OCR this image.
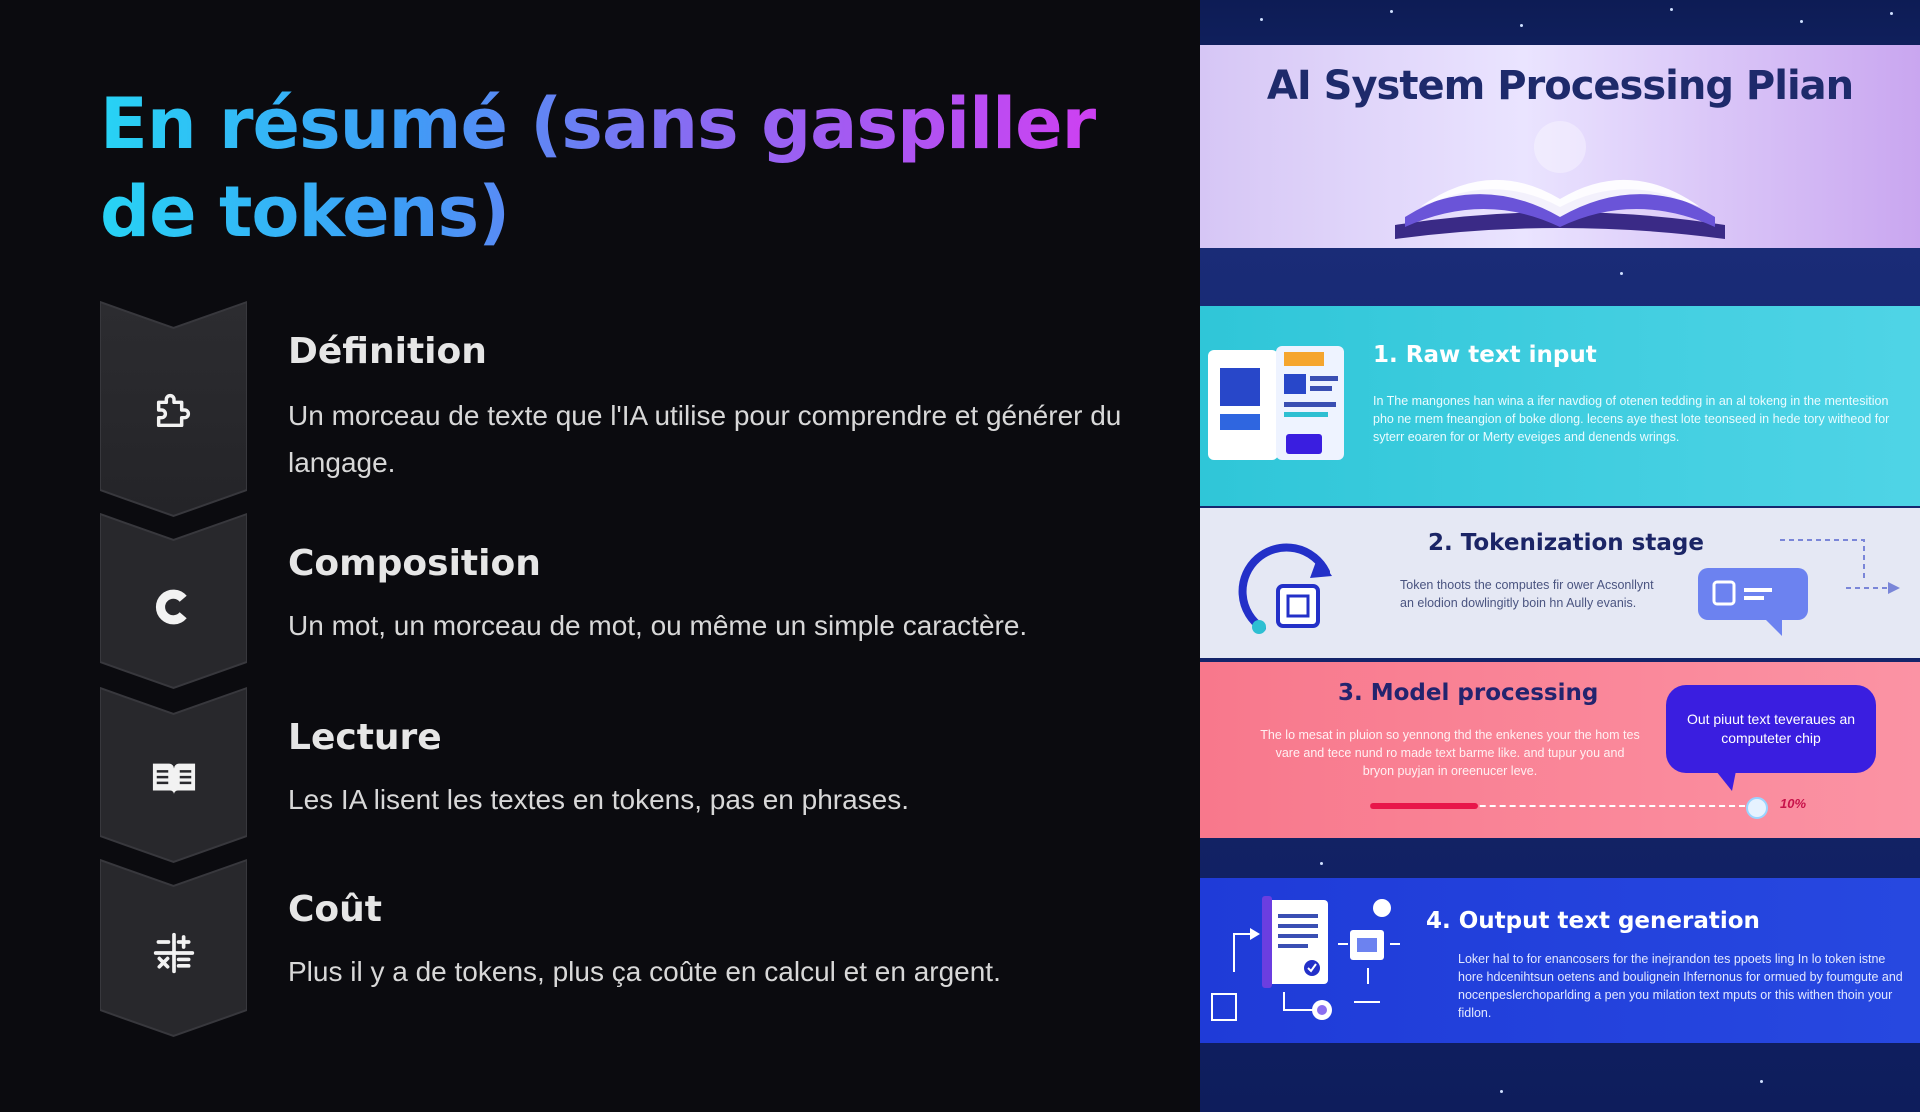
En résumé (sans gaspiller de tokens)
Définition

Un morceau de texte que l'IA utilise pour comprendre et générer du langage.

Composition

Un mot, un morceau de mot, ou même un simple caractère.

Lecture

Les IA lisent les textes en tokens, pas en phrases.

Coût

Plus il y a de tokens, plus ça coûte en calcul et en argent.

AI System Processing Plian
1. Raw text input

In The mangones han wina a ifer navdiog of otenen tedding in an al tokeng in the mentesition pho ne rnem fneangion of boke dlong. lecens aye thest lote teonseed in hede tory witheod for syterr eoaren for or Merty eveiges and denends wrings.

2. Tokenization stage

Token thoots the computes fir ower Acsonllynt an elodion dowlingitly boin hn Aully evanis.

3. Model processing

The lo mesat in pluion so yennong thd the enkenes your the hom tes vare and tece nund ro made text barme like. and tupur you and bryon puyjan in oreenucer leve.

10%
Out piuut text teveraues an computeter chip
4. Output text generation

Loker hal to for enancosers for the inejrandon tes ppoets ling In lo token istne hore hdcenihtsun oetens and boulignein Ihfernonus for ormued by foumgute and nocenpeslerchoparlding a pen you milation text mputs or this withen thoin your fidlon.
